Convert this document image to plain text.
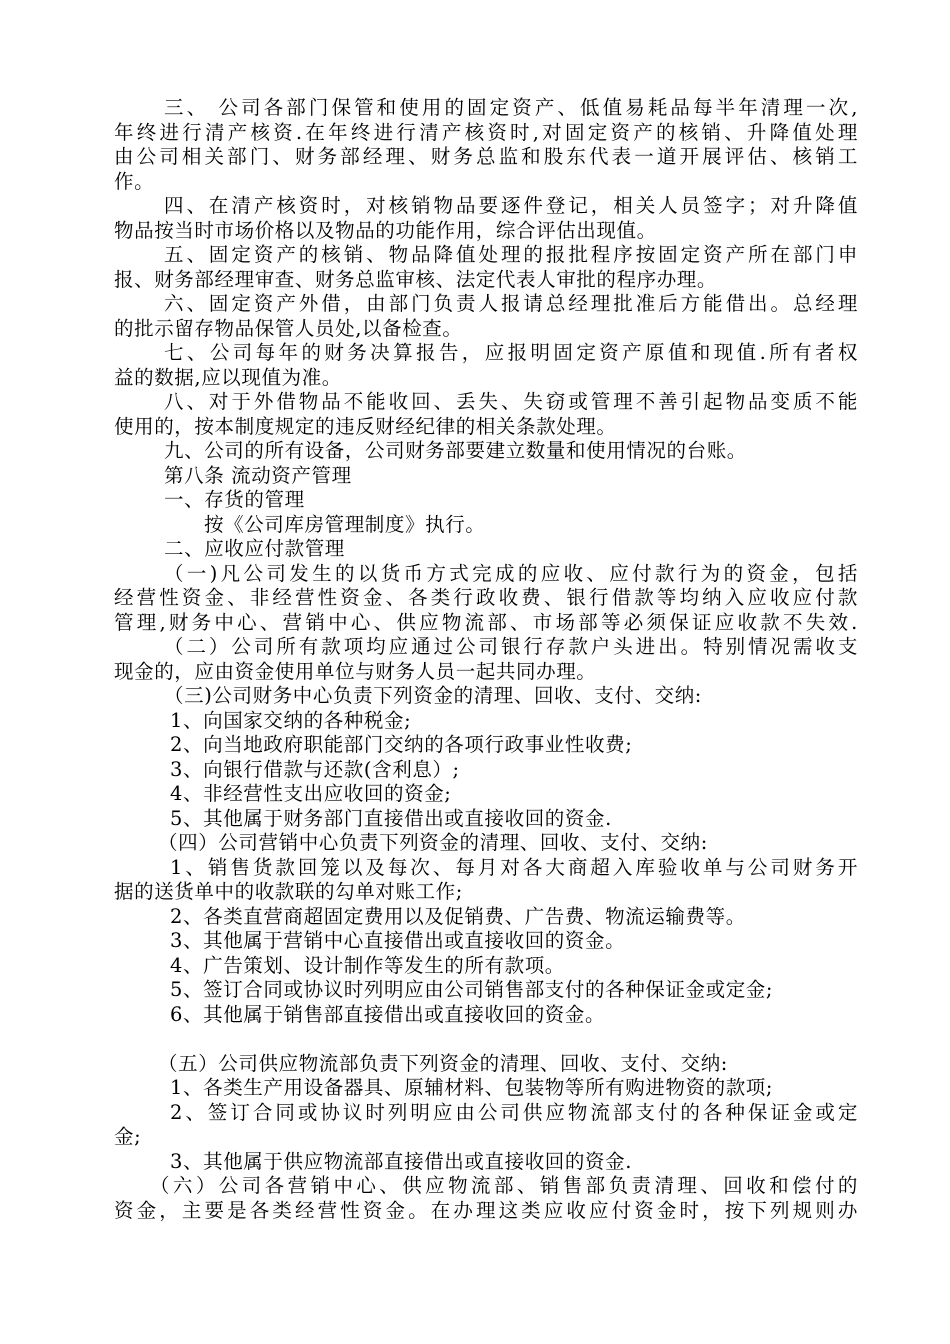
三、 公司各部门保管和使用的固定资产、低值易耗品每半年清理一次,
年终进行清产核资.在年终进行清产核资时,对固定资产的核销、升降值处理
由公司相关部门、财务部经理、财务总监和股东代表一道开展评估、核销工
作。
四、在清产核资时，对核销物品要逐件登记，相关人员签字；对升降值
物品按当时市场价格以及物品的功能作用，综合评估出现值。
五、固定资产的核销、物品降值处理的报批程序按固定资产所在部门申
报、财务部经理审查、财务总监审核、法定代表人审批的程序办理。
六、固定资产外借，由部门负责人报请总经理批准后方能借出。总经理
的批示留存物品保管人员处,以备检查。
七、公司每年的财务决算报告，应报明固定资产原值和现值.所有者权
益的数据,应以现值为准。
八、对于外借物品不能收回、丢失、失窃或管理不善引起物品变质不能
使用的，按本制度规定的违反财经纪律的相关条款处理。
九、公司的所有设备，公司财务部要建立数量和使用情况的台账。
第八条 流动资产管理
一、存货的管理
按《公司库房管理制度》执行。
二、应收应付款管理
（一)凡公司发生的以货币方式完成的应收、应付款行为的资金，包括
经营性资金、非经营性资金、各类行政收费、银行借款等均纳入应收应付款
管理,财务中心、营销中心、供应物流部、市场部等必须保证应收款不失效.
（二）公司所有款项均应通过公司银行存款户头进出。特别情况需收支
现金的，应由资金使用单位与财务人员一起共同办理。
（三)公司财务中心负责下列资金的清理、回收、支付、交纳:
1、向国家交纳的各种税金;
2、向当地政府职能部门交纳的各项行政事业性收费;
3、向银行借款与还款(含利息）;
4、非经营性支出应收回的资金;
5、其他属于财务部门直接借出或直接收回的资金.
（四）公司营销中心负责下列资金的清理、回收、支付、交纳:
1、销售货款回笼以及每次、每月对各大商超入库验收单与公司财务开
据的送货单中的收款联的勾单对账工作;
2、各类直营商超固定费用以及促销费、广告费、物流运输费等。
3、其他属于营销中心直接借出或直接收回的资金。
4、广告策划、设计制作等发生的所有款项。
5、签订合同或协议时列明应由公司销售部支付的各种保证金或定金;
6、其他属于销售部直接借出或直接收回的资金。
（五）公司供应物流部负责下列资金的清理、回收、支付、交纳:
1、各类生产用设备器具、原辅材料、包装物等所有购进物资的款项;
2、签订合同或协议时列明应由公司供应物流部支付的各种保证金或定
金;
3、其他属于供应物流部直接借出或直接收回的资金.
（六）公司各营销中心、供应物流部、销售部负责清理、回收和偿付的
资金，主要是各类经营性资金。在办理这类应收应付资金时，按下列规则办
